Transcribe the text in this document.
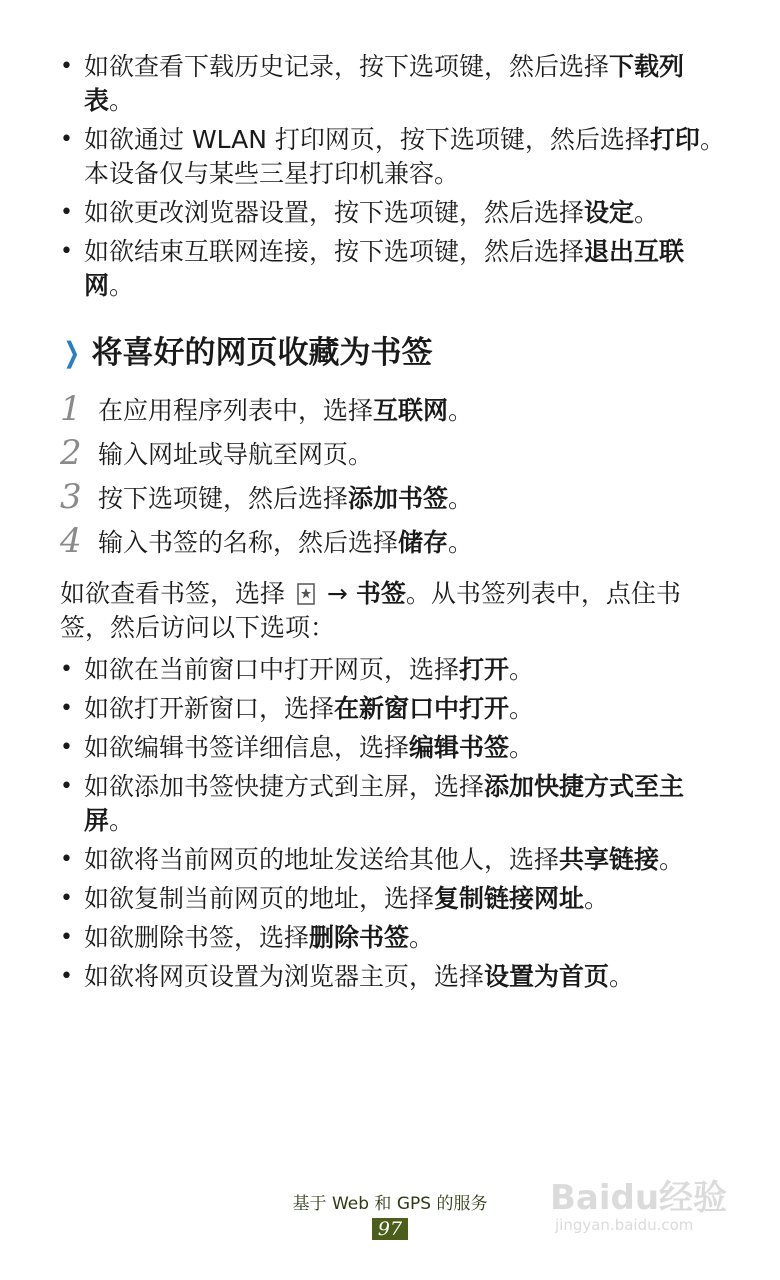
• 如欲查看下载历史记录，按下选项键，然后选择下载列表。
• 如欲通过 WLAN 打印网页，按下选项键，然后选择打印。本设备仅与某些三星打印机兼容。
• 如欲更改浏览器设置，按下选项键，然后选择设定。
• 如欲结束互联网连接，按下选项键，然后选择退出互联网。
❯ 将喜好的网页收藏为书签
1 在应用程序列表中，选择互联网。
2 输入网址或导航至网页。
3 按下选项键，然后选择添加书签。
4 输入书签的名称，然后选择储存。
如欲查看书签，选择 → 书签。从书签列表中，点住书签，然后访问以下选项：
• 如欲在当前窗口中打开网页，选择打开。
• 如欲打开新窗口，选择在新窗口中打开。
• 如欲编辑书签详细信息，选择编辑书签。
• 如欲添加书签快捷方式到主屏，选择添加快捷方式至主屏。
• 如欲将当前网页的地址发送给其他人，选择共享链接。
• 如欲复制当前网页的地址，选择复制链接网址。
• 如欲删除书签，选择删除书签。
• 如欲将网页设置为浏览器主页，选择设置为首页。
基于 Web 和 GPS 的服务
97
Baidu经验
jingyan.baidu.com
